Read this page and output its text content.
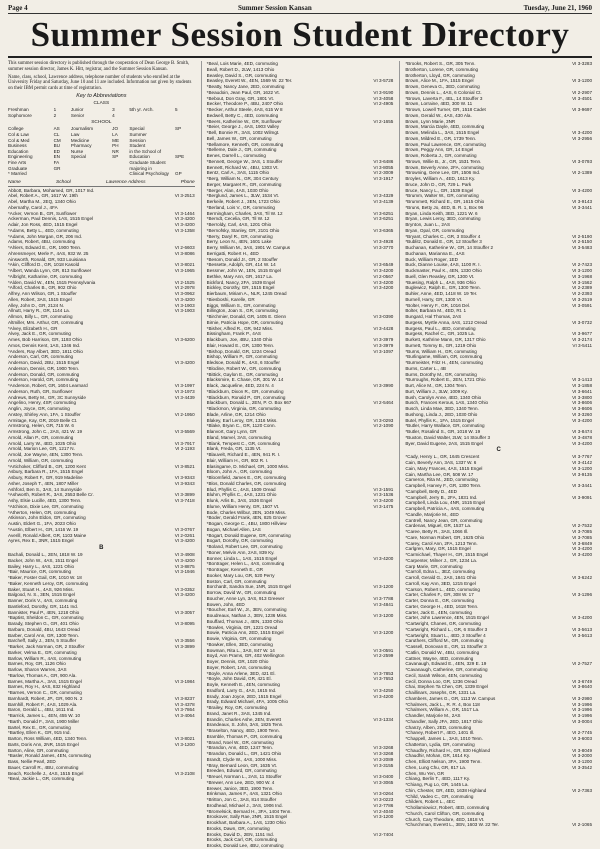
Page 4	Summer Session Kansan	Tuesday, June 21, 1960
Summer Session Student Directory

This summer session directory is published through the cooperation of Dean George B. Smith, summer session director, James K. Hitt, registrar, and the Summer Session Kansan.

Name, class, school, Lawrence address, telephone number of students who enrolled at the University Friday and Saturday, June 10 and 11 are included. Information not given by students on their IBM permit cards at time of registration.

Key to Abbreviations
CLASS
Freshman	1	Junior	3	5th yr. Arch.	5
Sophomore	2	Senior	4
SCHOOL
College	AS	Journalism	JO	Special	SP
Col & Law	CL	Law	LA	Summer
Col & Med	CM	Medicine	ME	Session
Business	BU	Pharmacy	PH	Student
Education	ED	Nurse	NR	in the School of
Engineering	EN	Special	SP	Education	SPE
Fine Arts	FA	Graduate Student
Graduate	GR	majoring in
* Married	Clinical Psychology	GP
Name	School	Lawrence Address	Phone
Abbott, Barbara, Mohamed, GR, 1017 Ind.
Abel, Robert A., GR, 1617 W. 19th	VI 3-2513
Abel, Martha M., 2EQ, 1340 Ohio
Abernathy, Carol J., 4FA
*Acker, Vernon B., GR, Sunflower	VI 3-1464
Ackerman, Paul Dennis, 1AS, 1515 Engel	VI 3-4200
Adair, Jon Ross, 4ED, 1515 Engel	VI 3-4200
*Adams, Betty L., 4ED, commuting	VI 3-1358
*Adams, John Morgan, GR, 206 Ind.
Adams, Robert, 4BU, commuting
*Ahlers, Edward E., GR, 1900 Tenn.	VI 2-6603
Ahrensmeyer, Merle F., 4AS, 932 W. 25	VI 3-8086
Ainsworth, Ronald, GR, 933 Louisiana
*Akin, Clifford D., GR, 1018 Kasold	VI 3-8021
*Albert, Wanda Lynn, GR, 813 Sunflower	VI 3-1965
*Albright, Katharine, GR, commuting
*Alden, David W., 4EN, 1515 Pennsylvania	VI 2-1525
*Alford, Charles B., GR, 902 Ohio	VI 2-2978
Alfrey, Ann Wilson, GR, 1 Stouffer	VI 3-0962
Allen, Robert, 3AS, 1515 Engel	VI 3-4200
Alley, John D., GR, 2124 N.	VI 3-1903
Allnutt, Harry R., GR, 1144 La.	VI 3-1903
Allmon, Billy L., GR, commuting
Altmiller, Mrs. Arthur, GR, commuting
*Alvey, Elizabeth H., GR
Alvey, Jack E., GR, commuting
Ames, Bob Harrison, GR, 1193 Ohio	VI 3-6200
Amos, Dennis Kent, 1AS, 1346 Ind.
*Anders, Ray Albert, 3ED, 1811 Ohio
Anderson, Carl, GR, commuting
Anderson, David, 2BU, 1515 Engel	VI 3-4200
Anderson, Dennis, GR, 1900 Tenn.
Anderson, Donald, GR, commuting
Anderson, Harold, GR, commuting
*Anderson, Robert, GR, 1604 Learnard	VI 3-1997
Anderson, Ruth, GR, Sunflower	VI 3-1973
Andrews, Betty M., GR, 3C Sunnyside	VI 3-4439
Angelino, Henry, 4SP, commuting
Anglin, Joyce, GR, commuting
Anstey, Shirley Ann, 1FA, 1 Stouffer	VI 2-1950
Armitage, Kay, GR, 2019 Belle Ct.
Armstrong, Helen, GR, 715 W. 6
Armstrong, John C., 2AS, 421 W. 19	VI 3-5569
Arnold, Allan P., GR, commuting
Arnold, Larry W., 4ED, 1025 Ohio	VI 3-7917
Arnold, Marion Lee, GR, 1217 N.	VI 2-1193
Arnold, Joe Wayne, 4EN, 1300 Tenn.
Arnold, William, GR, commuting
*Artichoker, Clifford B., GR, 1200 Kent	VI 3-8521
Asbury, Barbara R., 1FA, 1515 Engel
Asbury, Robert F., GR, 919 Madeline	VI 3-9343
Asher, Joseph T., 4EN, 1807 Miller	VI 3-9343
Ashford, Ben S., 3AS, 14 Sunnyside
*Ashworth, Robert R., 3AS, 2553 Belle Cr.	VI 3-3899
Ashy, Elsie Lucille, 4ED, 1300 Tenn.	VI 3-7418
*Atchison, Dixie Lee, GR, commuting
*Atherton, Helen, GR, commuting
Atkinson, John Eldon, GR, commuting
Austin, Eldert G., 1FA, 2023 Ohio
*Austin, Elbert H., GR, 1416 W. 19	VI 3-0767
Averill, Ronald Albert, GR, 1103 Maine	VI 2-0261
Ayres, Rex E., 3NR, 1515 Engel	VI 3-4200
B
Bachali, Donald L., 2EN, 1818 W. 19	VI 3-4908
Backer, John W., 4AS, 1511 Engel	VI 3-4200
Bailey, Harry L., 4AS, 1221 Ohio	VI 3-8875
*Bair, Maurice, GR, commuting	VI 3-1946
*Baker, Foster Gail, GR, 1010 W. 18
*Baker, Kenneth Leroy, GR, commuting
Baker, Stuart H., 4AS, 926 Miss.	VI 3-0352
Balgood, N. S., 3EN, 1515 Engel	VI 3-4200
Banner, Doris V., 4AS, commuting
Bantleford, Dorothy, GR, 1141 Ind.
Bannister, Paul P., 4EN, 1218 Ohio	VI 3-3057
*Baptist, Sheldon C., GR, commuting
Barady, Stephen G., GR, 401 Ohio	VI 3-8095
Barbaro, Donald, 4BU, 1643 Oread
Barber, Carol Ann, GR, 1300 Tenn.
Barcheff, Sally J., 3EN, 5 Stouffer	VI 3-3556
*Barker, Jack Norman, GR, 2 Stouffer	VI 3-3899
Barker, Velma E., GR, commuting
Barlow, William R., 4AS, commuting
Barnes, Roy, GR, 1126 Ohio
Barlow, Sharon Warren, 3AS
*Barlow, Thomas A., GR, 900 Ala.
Barnes, Martha A., 3AS, 1515 Engel	VI 3-1984
Barnes, Roy H., 4AS, 832 Highland
*Barnes, Vernon C., GR, commuting
Barnhardt, Robert, JP., GR, 900 N. 2	VI 3-8237
Barnhill, Robert F., 4AS, 1029 Ala.	VI 3-4378
Baron, Gerald L., 4BU, 1611 Ind.	VI 3-7864
*Barrick, James L., 4EN, 455 W. 10	VI 3-4064
*Barth, Donald F., 3AS, 1900 Miller
Bartel, Rex E., GR, commuting
*Bartley, Ellen K., GR, 915 Ind.
Barton, Ross William, 4ED, 1340 Tenn.	VI 3-8021
Barts, Doris Ann, 2NR, 1515 Engel	VI 3-1200
Barton, Aline, GR, commuting
*Basler, Ronald James, 4EN, commuting
Bass, Nellie Pearl, 2ED
Bauer, Carroll R., 4BU, commuting
Beach, Rochelle J., 4AS, 1515 Engel	VI 3-2108
*Beal, Jackie L., GR, commuting
*Beal, Lois Marie, 4ED, commuting
Beall, Robert D., 2LW, 1413 Ohio
Beasley, David S., GR, commuting
Beasley, Everett W., 4EN, 1569 W. 22 Ter.	VI 3-5728
*Beatty, Nancy Jane, 2ED, commuting
*Beaudoin, Jean Paul, GR, 1622 Vt.	VI 3-9190
*Bebout, Don Gray, GR, 1801 Vt.	VI 3-4058
Becker, Theodore P., 4BU, 2407 Ohio	VI 2-4905
*Becker, Arthur Steele, 4AS, 615 W 8
Bedwell, Betty C., 4ED, commuting
*Beers, Katherine W., GR, Sunflower	VI 2-1655
*Beier, George J., 4AS, 1903 Valley
*Bell, Bonnie R., 3AS, 1002 Wilmgt.
Bell, James W., GR, commuting
*Bellamore, Kenneth, GR, commuting
*Belleme, Dale J., GR, commuting
Benes, Darrell L., commuting
*Bennett, George W., 3AS, 1 Stouffer	VI 3-6486
Bennett, Richard W., 4BU, 1303 Vt.	VI 3-8055
Bentz, Carl A., 3AS, 1115 Ohio	VI 2-3009
*Berg, William N., GR, 304 Century	VI 3-1917
Berger, Margaret R., GR, commuting
*Berger, Alan, 4AS, 1030 Ohio
*Berglund, James L., 3LW, 1534 Vt.	VI 3-4329
Berkeile, Robert J., 3EN, 1723 Ohio	VI 3-4139
*Berland, Lois V., GR, commuting
Bermingham, Charles, 3AS, Til W. 12	VI 3-6251
*Berndt, Cecelia, GR, Til W. 12	VI 3-6251
*Berroldy, Carl, 4AS, 1201 Ohio
*Bernofsky, Stanley, GR, 2101 Ohio	VI 3-6365
*Berry, Daryl R., GR, commuting
Berry, Leon N., 4EN, 1601 Lake	VI 3-4928
Berry, William M., 3AS, 1901 W. Campus	VI 3-3770
Berrigatti, Robert H., 4ED
*Besom, Donald Jr., GR, 2 Stouffer
*Bessette, Adolph, GR, 414 W. 14	VI 3-6549
Bessmer, John W., 1EN, 1515 Engel	VI 3-4200
Bethke, Mary Ann, GR, 1617 La.	VI 2-0567
Bickford, Nancy, 2FA, 1539 Engel	VI 3-4200
Bickley, Dorothy, GR, 1515 Engel	VI 3-4200
Bierbaum, Miriam A., NLR, 1245 Oread
*Biesboshi, Karelle, GR
Biggs, William S., GR, commuting
Billington, Joan S., GR, commuting
*Birchmier, Donald, GR, 1405 E. Glenn	VI 3-0390
Birnie, Patricia Hope, GR, commuting
*Bisher, Alfred R., GR, 942 Miss.	VI 3-4428
Bissingham, Frank P., 4AS
Blackburn, Joe, 4BU, 1340 Ohio	VI 3-3979
Blair, Howard E., GR, 1300 Tenn.	VI 3-3979
*Bishop, Donald, GR, 1224 Oread	VI 3-1097
Bishop, William P., GR, commuting
Bledsoe, Donald R., 4AS, 6 Stouffer
*Blodine, Robert W., GR, commuting
*Bittick, Gaylon E., GR, commuting
Blacksmire, E. Chase, GR, 301 W. 14
Black, Jacqueline, 4ED, 224 N. 4	VI 3-3990
*Blackburn, Dixon R., GR, commuting
*Blackburn, Ronald P., GR, commuting
Blackburn, Donald L., 2EN, P. O. Box 667	VI 2-5464
*Blackmon, Virginia, GR, commuting
Blade, Arline, GR, 1214 Ohio
Blakey, Earl Leroy, GR, 1316 Miss.	VI 3-0293
*Blake, Bryan C., GR, 1120 Conn.	VI 2-1090
Blanvort, Gary Lynn, GR
Bland, Marvel, 3AS, commuting
*Blank, Tempest C., GR, commuting
Blank, Freda, GR, 1135 Vt.
*Blauvelt, Richard E., 4EN, 941 R. I.
Blair, William H., GR, 802 R. I.
Blasingame, D. Michael, GR, 1000 Miss.
Bloom, John A., GR, commuting
*Bloomfield, James E., GR, commuting
*Blos, Donald Charles, GR, commuting
Blud, Phyllis C., 4AS, 1509 Oread	VI 3-1591
Bluhm, Phyllis C., 4AS, 1231 Ohio	VI 3-1536
Blunk, Arlis B., 3AS, 1536 Engel	VI 3-4200
Blume, William Henry, GR, 1507 Vt.	VI 3-1475
Bode, Charles Wilbur, 2EN, 1049 Miss.
*Boder, Gerald Frank, 4EN, 825 Grover
*Bogan, George C., 4BU, 1800 Hillview
Bogan, Michael Allen, 1AS
*Bogart, Donald Eugene, GR, commuting
Bogart, Dorothy, GR, commuting
*Boland, Robert Lee, GR, commuting
*Boner, Melvin Ann, 2AS, 839 Ky.
Bonner, Linda L., 1AS, 1515 Engel	VI 3-4200
*Bontrager, Helen L., 4AS, commuting
*Bontrager, Kenneth E., GR
Booker, Mary Lou, GR, 520 Perry
Boston, Carl, GR, commuting
Borchardt, Sandra Sue, 1NR, 1515 Engel	VI 3-1200
Borrow, David W., GR, commuting
Boucher, Anne Lyn, 3AS, 913 Greever	VI 3-7788
Bowen, John, 4ED	VI 3-4841
*Boucher, Earl W., Jr., 3EN, commuting
Boudreaux, Nathan J., 3EN, 1236 Miss.	VI 3-1200
Bouffard, Thomas J., 4EN, 1330 Ohio
*Bowles, Virginia, GR, 1221 Oread
Bowie, Patricia Ann, 2ED, 1515 Engel	VI 3-1200
Bowie, Virginia, GR, commuting
*Bowker, Ellen, 3ED, commuting
Bowman, Rita L., 3AS, 847 W. 14	VI 3-0591
Boyd, Ann Prams, GR, 402 Wellington	VI 2-2599
Boyer, Dennis, GR, 1020 Ohio
Boyer, Robert, 1AS, commuting
*Boyle, Anna Arlene, 3ED, 421 El.	VI 3-7853
*Boyle, John David, GR, 421 El.	VI 3-7653
Boyle, Kenneth E., 4EN, commuting
Bradford, Larry G., 4AS, 1615 Ind.	VI 3-4250
Brady, Joan Joyce, 2ED, 1515 Engel	VI 3-4200
Brady, Edward Michael, 4FA, 1005 Ohio
*Brailey, Roy, GR, commuting
Brand, Janet R., 3AS, 1345 Ind.
Brandin, Charles Ashe, 2EN, Everett	VI 3-1334
Brandeaux, S. John, 3AS, 1825 Tenn.
*Braselton, Nancy, 4ED, 1900 Tenn.
Bramble, Thomas P., GR, commuting
*Brand, Noel W., GR, commuting
*Brandon, Ann, 4ED, 1247 Tenn.	VI 3-3268
*Brandon, Donald L., GR, 1421 Ohio	VI 3-3268
Brandt, Clyde W., 4AS, 1000 Miss.	VI 3-2089
*Bray, Bernard Leon, GR, 1635 Vt.	VI 3-3155
Breeden, Edward, GR, commuting
*Breuel, Norman L., 2AS, 11 Stouffer	VI 3-0400
*Brewer, Ann Lee, 2ED, 900 W. 4	VI 3-3065
Brewer, Janice, 3ED, 1900 Tenn.
Brinkman, James F., 4AS, 1321 Ohio	VI 3-0264
*Britton, Jon C., 3AS, 814 Stouffer	VI 3-0223
Brodhead, Michael J., 3AS, 1906 Ind.	VI 2-7786
*Bromelsick, Bernard H., 3FA, 1404 Tenn.	VI 2-4040
Brookover, Sally Rae, 2NR, 1515 Engel	VI 3-1200
Brookhart, Barbara A., 1AS, 1230 Ohio
Brooks, Dawn, GR, commuting
Brooks, David D., 2EN, 1151 Ind.	VI 2-7404
Brooks, Jack Carl, GR, commuting
Brooks, Donald Lee, 4BU, commuting
*Brooks, Robert S., GR, 305 Tenn.	VI 3-3283
Brotherton, Lorene, GR, commuting
Brotherton, Lloyd, GR, commuting
Brown, Alice M., 1FA, 1515 Engel	VI 3-1200
Brown, Geneva G., 3ED, commuting
Brown, Dennis L., 4AS, 6 Colonial Ct.	VI 2-2907
*Brown, Laverta F., 4EL, 14 Stouffer 3	VI 3-4501
Brown, Lorraine, 4ED, 300 W. 11
*Brown, Lowell Turner, GR, 1518 Cadet	VI 3-9697
Brown, Gerald W., 4AS, 430 Ala.
Brown, Lynn Marie, 3NR
Brown, Marcia Dayle, 4ED, commuting
Brown, Melinda L., 3AS, 1515 Engel	VI 3-4200
Brown, Mildred E., GR, 1739 Tenn.	VI 3-2956
Brown, Paul Lawrence, GR, commuting
Brown, Peggy Ann, GR, 14 Engel
Brown, Roberta J., GR, commuting
*Brown, Willie B., Jr., GR, 1531 Tenn.	VI 3-0793
Brown, Beverly Anne, 2FA, commuting
*Browning, Gene Lee, GR, 1506 Ind.	VI 2-1389
Broyles, William A., 4ED, 1613 Ky.
Bruce, John D., GR, 729 L. Park
Bruce, Nancy L., GR, 1539 Engel	VI 3-4200
*Brumm, Walter W., GR, commuting
*Brummett, Richard E., GR, 1615 Ohio	VI 3-9143
*Bruns, Betty Jo, 4ED, B. R. 1, Box 96	VI 3-3441
Bryan, Linda Keith, 3ED, 1221 W. 6
Bryan, Lewis Leroy, 3ED, commuting
Brynton, Juan L., 2AS
Bryan, Opal, GR, commuting
*Bryant, Charles C., GR, 3 Stouffer 4	VI 2-5190
*Bublitz, Donald E., GR, 12 Stouffer 3	VI 2-5150
Buchanan, Katherine W., GR, 14 Stouffer 2	VI 3-5483
Buchanan, Marianna E., 4AS
Buck, William Roger, 1ED
Buck, Dianne Louise, 4AS, 1100 R. I.	VI 2-7423
Buckmaster, Paul K., 4EN, 1330 Ohio	VI 3-1200
Buell, Glen Reasley, GR, 1300 Vt.	VI 3-1968
*Buesing, Ralph L., 4AS, 936 Ohio	VI 3-1562
Buglewicz, Ralph E., GR, 1300 Tenn.	VI 2-2389
Buhler, Anne, 4ED, 1418 W. 19 Ter.	VI 2-2393
Burnell, Harry, GR, 1300 Vt.	VI 3-2519
*Bolter, Henry F., GR, 1016 Del.	VI 3-0591
Bolter, Barbara M., 4ED, Rt. 1
Bungard, Hal Thomas, 2AS
Burgess, Myrtle Anna, 4AS, 1212 Oread	VI 3-0732
Burgess, Paul L., 4ED, commuting
Burgess, Rachel C., GR, 1025 La.	VI 3-9677
Burkett, Kathrine Mann, GR, 1317 Ohio	VI 3-2174
Burnett, Tommy B., GR, 1219 Ohio	VI 3-5411
*Burns, William H., GR, commuting
*Burlingame, William, GR, commuting
*Burmeister, Fritz H., 4EN, commuting
Burns, Carter L., 4B
Burns, Dorothy M., GR, commuting
*Burroughs, Robert E., 2EN, 1721 Ohio	VI 3-1413
Burt, Alice M., GR, 1304 Tenn.	VI 3-1858
Burt, William J., 3LW, 1009 Ky.	VI 3-6641
Bush, Carolyn Anne, 4ED, 1340 Ohio	VI 3-3800
Busch, Frances Kerous, 1AS, 1340 Ohio	VI 3-8606
Busch, Linda Mae, 3ED, 1340 Tenn.	VI 3-8606
Bushong, Linda J., 2ED, 1030 Ohio	VI 3-3260
Butel, Phyllis K., 1FA, 1515 Engel	VI 3-4200
*Butler, Harry Wallace, GR, commuting
*Butler, Rosalind S., GR, 1018 W. 19	VI 3-8474
*Buxton, David Walter, 2LW, 14 Stouffer 3	VI 3-4878
Byer, David Eugene, 2AS, 1515 Engel	VI 3-4200
C
*Cady, Henry L., GR, 1645 Crescent	VI 3-7767
Cain, Beverly Ann, 3AS, 1337 W. 6	VI 3-4142
Cain, Mary Frances, 4AS, 1515 Engel	VI 3-1200
Cain, Martha Lee, GR, 508 W. 17	VI 3-9135
Cameron, Rita M., 2ED, commuting
Campbell, Harvey F., GR, 1300 Tenn.	VI 3-3441
*Campbell, Betty D., 4ED
*Campbell, Jerry B., 2FA, 1831 Ind.	VI 3-9091
Campbell, Linda Lou, 4NR, 1515 Engel
Campbell, Patricia A., 4AS, commuting
*Candle, Marjorie M., 4ED
Cantrell, Nancy Jean, GR, commuting
Cardenas, Miguel, GR, 1537 La.	VI 2-7532
*Caree, Betty R., 3AS, 1066 Ill.	VI 3-7085
*Care, Norman Robert, GR, 1625 Ohio	VI 3-7085
*Carey, Carol Ann, 2FA, 1213 Tenn.	VI 3-6849
Carlgren, Mary, GR, 1515 Engel	VI 3-4200
*Carmichael, Thayer H., GR, 1515 Engel	VI 3-4200
*Carpenter, Milner J., GR, 1234 La.
Carp Marie, GR, commuting
*Carroll, Edna L., 3EZ, commuting
Carroll, Gerald G., 2AS, 1841 Ohio	VI 3-6242
Carroll, Kay Ann, 3ED, 1215 Engel
*Carson, Robert L., 4ED, commuting
Carter, Charles F., GR, 308 W. 17	VI 3-1296
Carter, Donna E., GR, commuting
Carter, George H., 4ED, 1618 Tenn.
Carter, Jack E., 4EN, commuting
Carter, John Lawrence, 4EN, 1515 Engel	VI 3-4200
*Cartwright, Chanes, GR, commuting
*Cartwright, Richard L., GR, 6 Stouffer 3	VI 3-5613
*Cartwright, Stuart L., 4ED, 3 Stouffer 4	VI 3-5613
Caruthers, Clifford M., GR, commuting
*Cassell, Donovan E., GR, 11 Stouffer 3
*Catlin, Donald W., 4BU, commuting
Cattner, Wayne, 4ED, commuting
Cavanaugh, Edward E., 4EN, 329 E. 19	VI 2-7527
*Cavanaugh, Catherine, GR, commuting
Cecil, Sarah Wilson, 4EN, commuting
Cecil, Donna Loo, GR, 1236 Oread	VI 3-6749
Chai, Stephen Ta Chen, GR, 1339 Engel	VI 3-8640
Chaillinars, Josephs, GR, 1331 La.
Chambers, James G., GR, 1113 W. Campus	VI 3-2980
*Chalmers, Jack L., R. R. 4, Box 118	VI 3-1996
*Chalmers, William A., GR, 1517 La.	VI 3-1996
Chandler, Marjorie M., 2AS	VI 3-1996
*Chandler, Sally JFA, 2ED, 1817 Ohio	VI 3-0004
Chanzy, Alben, 2ED, commuting
*Chaney, Robert F., 4EO, 1401 Ill.	VI 2-7745
*Chappell, James L., 3AS, 1010 Tenn.	VI 3-6003
Chatterton, Lydia, GR, commuting
*Chaudhry, Richard H., GR, 830 Highland	VI 3-8049
Chaudhir, Mohan, GR, 1614 Ky.	VI 3-2000
Chen, Elliott Nelson, 3FA, 1900 Tenn.	VI 3-1200
Chen, Lung Chu, GR, 817 La.	VI 3-3542
Chen, Wu Yen, GR
Chiang, Berlin T., 4ED, 1117 Ky.
*Chiang, Pug Lo, GR, 1445 La.
Chin, Chester, GR, 4ED, 1638 Highland	VI 2-7363
*Child, Vadeo C., GR, commuting
Childers, Robert L., 4EC
*Chollamiowicz, Robert, 4ED, commuting
*Church, Carol Clifton, GR, commuting
Church, Cary Theodore, 4ED, 1818 Vt.
*Churchman, Everett L., 3EN, 1603 W. 22 Ter.	VI 2-1065
